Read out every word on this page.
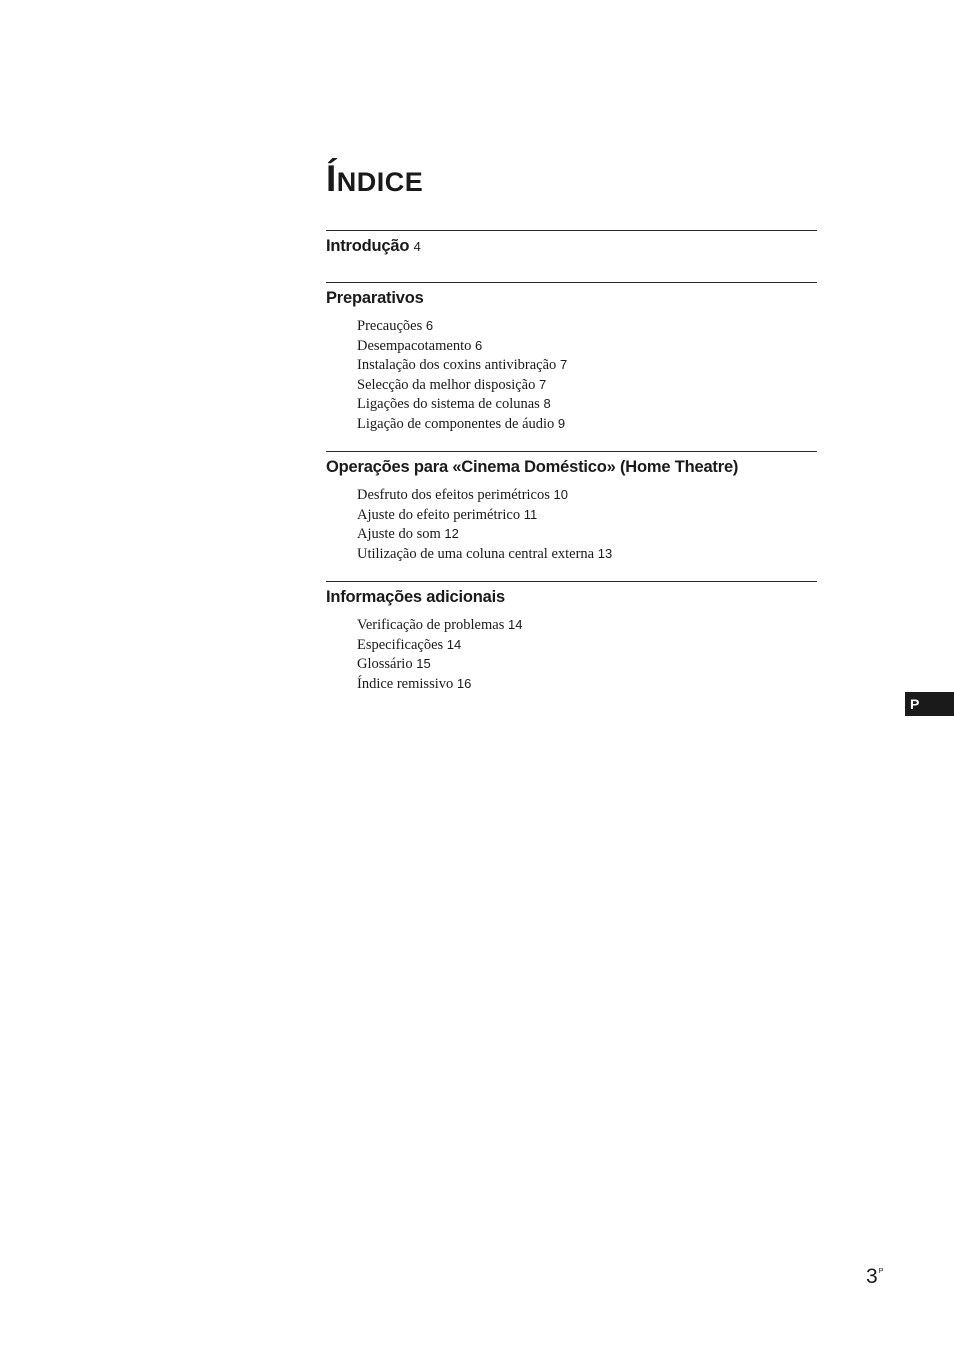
ÍNDICE
Introdução 4
Preparativos
Precauções 6
Desempacotamento 6
Instalação dos coxins antivibração 7
Selecção da melhor disposição 7
Ligações do sistema de colunas 8
Ligação de componentes de áudio 9
Operações para «Cinema Doméstico» (Home Theatre)
Desfruto dos efeitos perimétricos 10
Ajuste do efeito perimétrico 11
Ajuste do som 12
Utilização de uma coluna central externa 13
Informações adicionais
Verificação de problemas 14
Especificações 14
Glossário 15
Índice remissivo 16
P
$3^P$
